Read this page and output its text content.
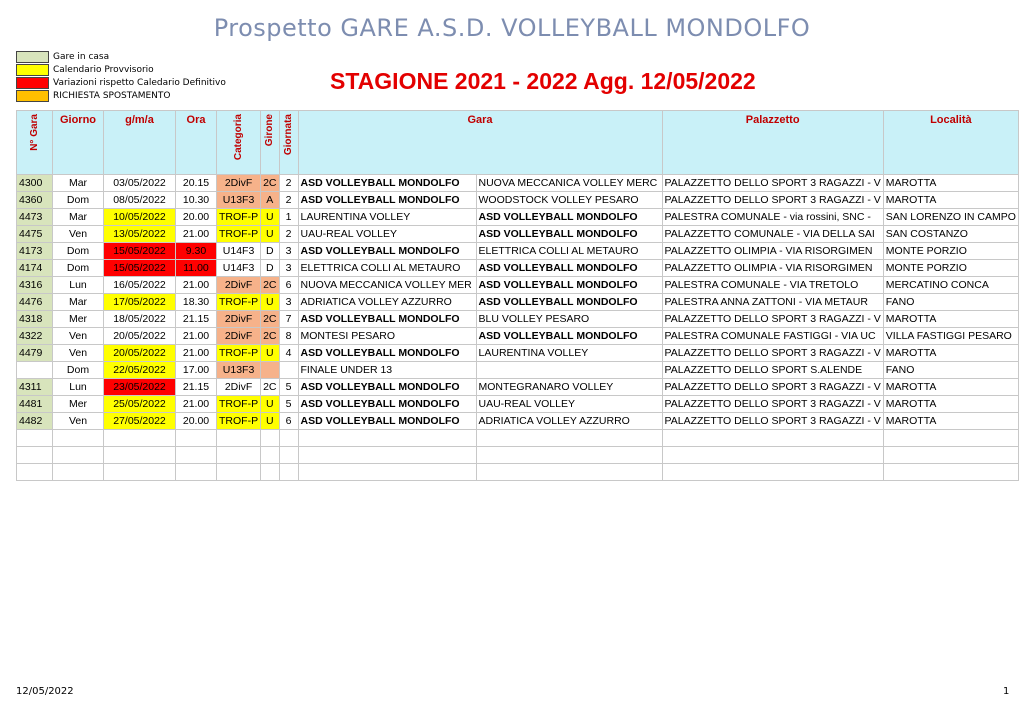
Prospetto GARE A.S.D. VOLLEYBALL MONDOLFO
Gare in casa
Calendario Provvisorio
Variazioni rispetto Caledario Definitivo
RICHIESTA SPOSTAMENTO
STAGIONE 2021 - 2022 Agg. 12/05/2022
N° Gara	Giorno	g/m/a	Ora	Categoria	Girone	Giornata	Gara		Palazzetto	Località
4300	Mar	03/05/2022	20.15	2DivF	2C	2	ASD VOLLEYBALL MONDOLFO	NUOVA MECCANICA VOLLEY MERC	PALAZZETTO DELLO SPORT 3 RAGAZZI - V	MAROTTA
4360	Dom	08/05/2022	10.30	U13F3	A	2	ASD VOLLEYBALL MONDOLFO	WOODSTOCK VOLLEY PESARO	PALAZZETTO DELLO SPORT 3 RAGAZZI - V	MAROTTA
4473	Mar	10/05/2022	20.00	TROF-P	U	1	LAURENTINA VOLLEY	ASD VOLLEYBALL MONDOLFO	PALESTRA COMUNALE - via rossini, SNC -	SAN LORENZO IN CAMPO
4475	Ven	13/05/2022	21.00	TROF-P	U	2	UAU-REAL VOLLEY	ASD VOLLEYBALL MONDOLFO	PALAZZETTO COMUNALE - VIA DELLA SAI	SAN COSTANZO
4173	Dom	15/05/2022	9.30	U14F3	D	3	ASD VOLLEYBALL MONDOLFO	ELETTRICA COLLI AL METAURO	PALAZZETTO OLIMPIA - VIA RISORGIMEN	MONTE PORZIO
4174	Dom	15/05/2022	11.00	U14F3	D	3	ELETTRICA COLLI AL METAURO	ASD VOLLEYBALL MONDOLFO	PALAZZETTO OLIMPIA - VIA RISORGIMEN	MONTE PORZIO
4316	Lun	16/05/2022	21.00	2DivF	2C	6	NUOVA MECCANICA VOLLEY MER	ASD VOLLEYBALL MONDOLFO	PALESTRA COMUNALE - VIA TRETOLO	MERCATINO CONCA
4476	Mar	17/05/2022	18.30	TROF-P	U	3	ADRIATICA VOLLEY AZZURRO	ASD VOLLEYBALL MONDOLFO	PALESTRA ANNA ZATTONI - VIA METAUR	FANO
4318	Mer	18/05/2022	21.15	2DivF	2C	7	ASD VOLLEYBALL MONDOLFO	BLU VOLLEY PESARO	PALAZZETTO DELLO SPORT 3 RAGAZZI - V	MAROTTA
4322	Ven	20/05/2022	21.00	2DivF	2C	8	MONTESI PESARO	ASD VOLLEYBALL MONDOLFO	PALESTRA COMUNALE FASTIGGI - VIA UC	VILLA FASTIGGI PESARO
4479	Ven	20/05/2022	21.00	TROF-P	U	4	ASD VOLLEYBALL MONDOLFO	LAURENTINA VOLLEY	PALAZZETTO DELLO SPORT 3 RAGAZZI - V	MAROTTA
	Dom	22/05/2022	17.00	U13F3			FINALE UNDER 13		PALAZZETTO DELLO SPORT S.ALENDE	FANO
4311	Lun	23/05/2022	21.15	2DivF	2C	5	ASD VOLLEYBALL MONDOLFO	MONTEGRANARO VOLLEY	PALAZZETTO DELLO SPORT 3 RAGAZZI - V	MAROTTA
4481	Mer	25/05/2022	21.00	TROF-P	U	5	ASD VOLLEYBALL MONDOLFO	UAU-REAL VOLLEY	PALAZZETTO DELLO SPORT 3 RAGAZZI - V	MAROTTA
4482	Ven	27/05/2022	20.00	TROF-P	U	6	ASD VOLLEYBALL MONDOLFO	ADRIATICA VOLLEY AZZURRO	PALAZZETTO DELLO SPORT 3 RAGAZZI - V	MAROTTA

12/05/2022	1
